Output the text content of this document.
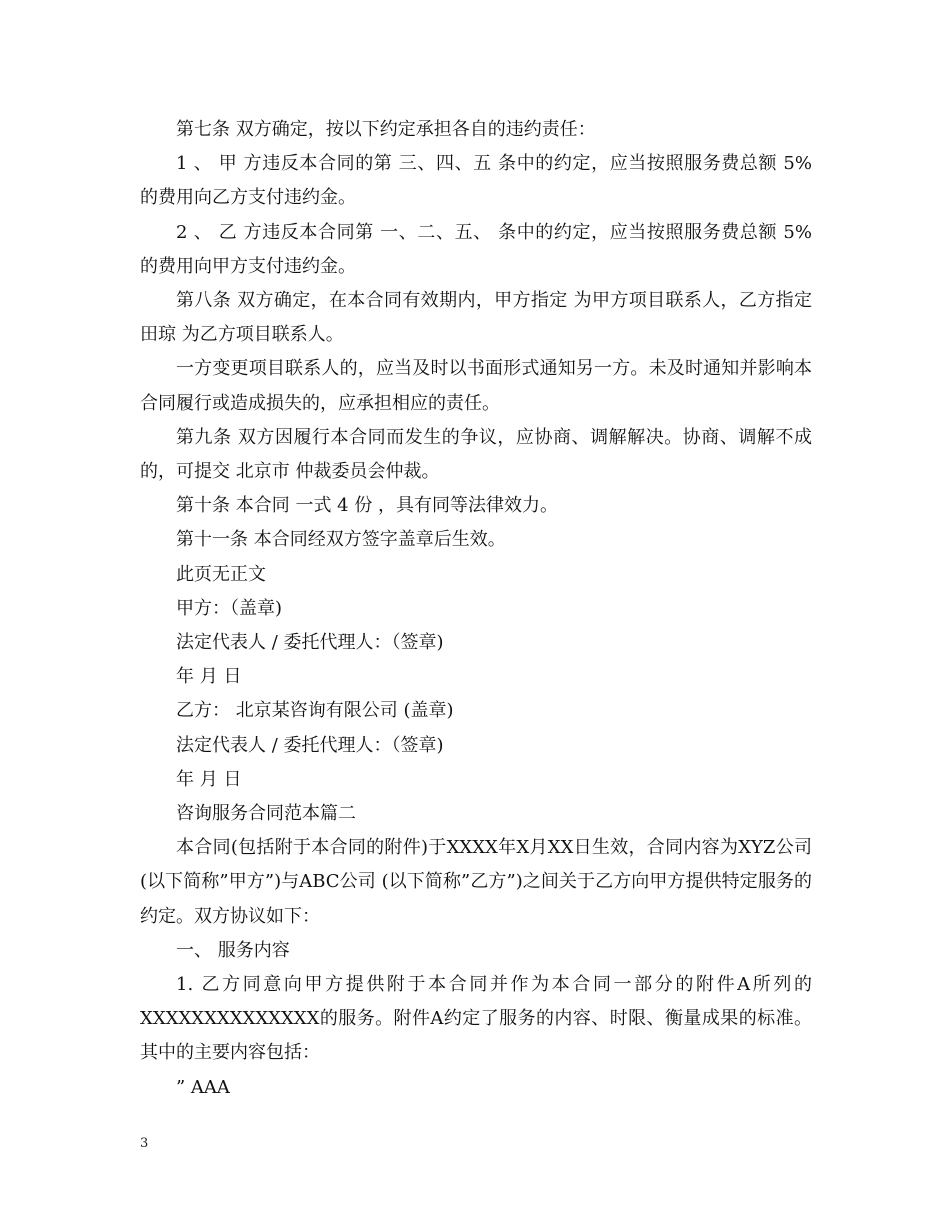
第七条 双方确定，按以下约定承担各自的违约责任：

1 、 甲 方违反本合同的第 三、四、五 条中的约定，应当按照服务费总额 5% 的费用向乙方支付违约金。

2 、 乙 方违反本合同第 一、二、五、 条中的约定，应当按照服务费总额 5% 的费用向甲方支付违约金。

第八条 双方确定，在本合同有效期内，甲方指定 为甲方项目联系人，乙方指定 田琼 为乙方项目联系人。

一方变更项目联系人的，应当及时以书面形式通知另一方。未及时通知并影响本合同履行或造成损失的，应承担相应的责任。

第九条 双方因履行本合同而发生的争议，应协商、调解解决。协商、调解不成的，可提交 北京市 仲裁委员会仲裁。

第十条 本合同 一式 4 份 ，具有同等法律效力。

第十一条 本合同经双方签字盖章后生效。

此页无正文

甲方：（盖章)

法定代表人 / 委托代理人：（签章)

年 月 日

乙方： 北京某咨询有限公司 (盖章)

法定代表人 / 委托代理人：（签章)

年 月 日

咨询服务合同范本篇二

本合同(包括附于本合同的附件)于XXXX年X月XX日生效，合同内容为XYZ公司(以下简称”甲方”)与ABC公司 (以下简称”乙方”)之间关于乙方向甲方提供特定服务的约定。双方协议如下：

一、 服务内容

1. 乙方同意向甲方提供附于本合同并作为本合同一部分的附件A所列的XXXXXXXXXXXXXX的服务。附件A约定了服务的内容、时限、衡量成果的标准。其中的主要内容包括：

” AAA

3
